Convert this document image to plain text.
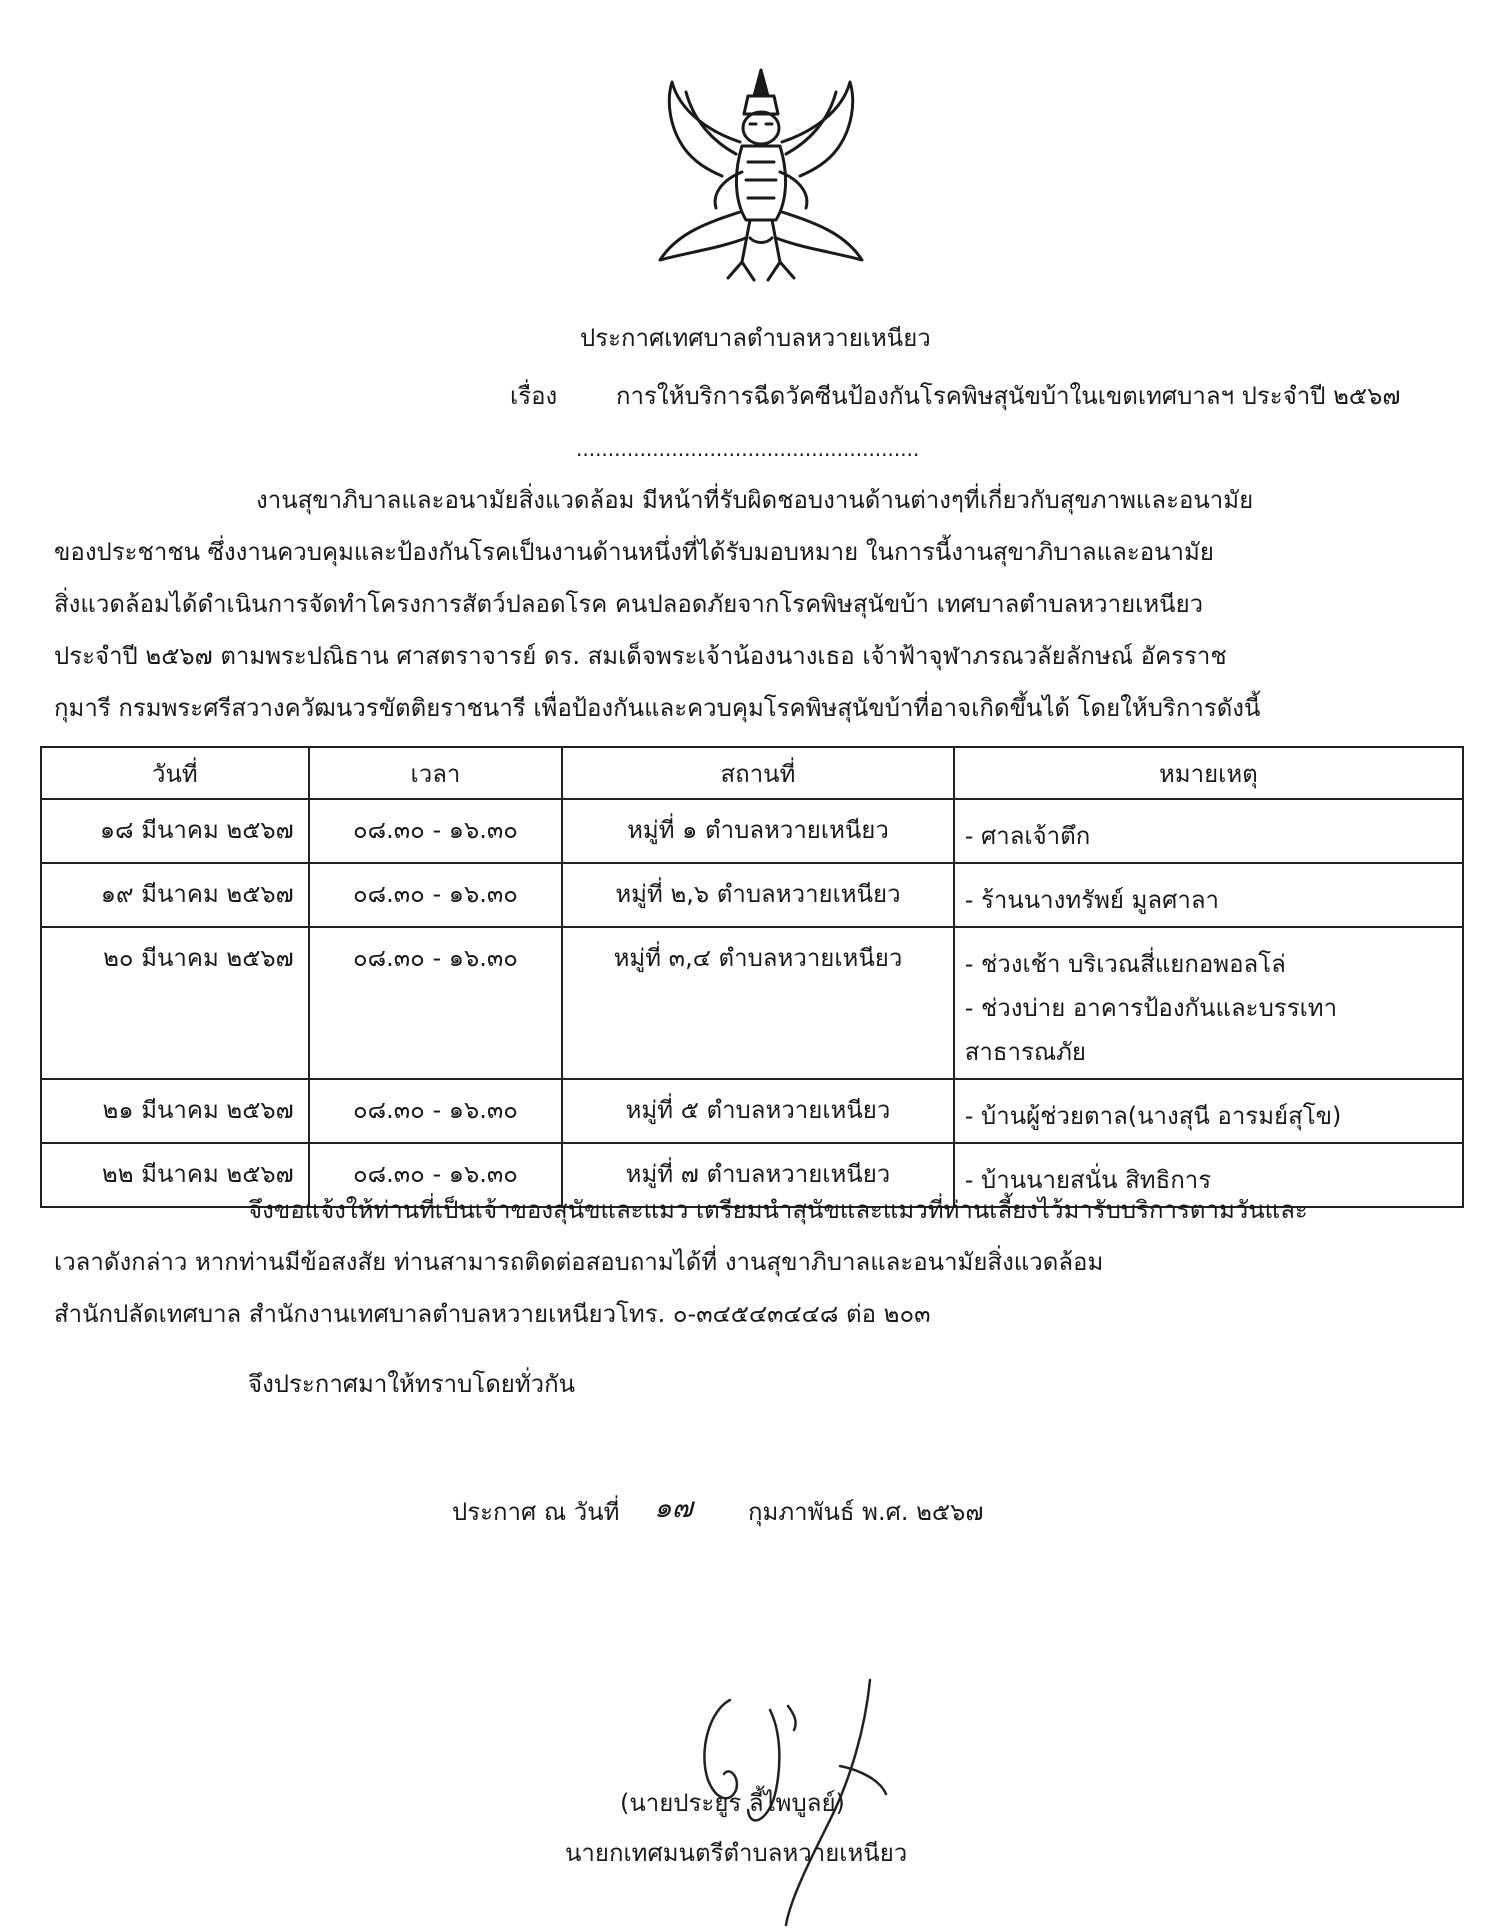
ประกาศเทศบาลตำบลหวายเหนียว
เรื่อง การให้บริการฉีดวัคซีนป้องกันโรคพิษสุนัขบ้าในเขตเทศบาลฯ ประจำปี ๒๕๖๗
......................................................
งานสุขาภิบาลและอนามัยสิ่งแวดล้อม มีหน้าที่รับผิดชอบงานด้านต่างๆที่เกี่ยวกับสุขภาพและอนามัย
ของประชาชน ซึ่งงานควบคุมและป้องกันโรคเป็นงานด้านหนึ่งที่ได้รับมอบหมาย ในการนี้งานสุขาภิบาลและอนามัย
สิ่งแวดล้อมได้ดำเนินการจัดทำโครงการสัตว์ปลอดโรค คนปลอดภัยจากโรคพิษสุนัขบ้า เทศบาลตำบลหวายเหนียว
ประจำปี ๒๕๖๗ ตามพระปณิธาน ศาสตราจารย์ ดร. สมเด็จพระเจ้าน้องนางเธอ เจ้าฟ้าจุฬาภรณวลัยลักษณ์ อัครราช
กุมารี กรมพระศรีสวางควัฒนวรขัตติยราชนารี เพื่อป้องกันและควบคุมโรคพิษสุนัขบ้าที่อาจเกิดขึ้นได้ โดยให้บริการดังนี้
วันที่	เวลา	สถานที่	หมายเหตุ
๑๘ มีนาคม ๒๕๖๗	๐๘.๓๐ - ๑๖.๓๐	หมู่ที่ ๑ ตำบลหวายเหนียว	- ศาลเจ้าตึก

๑๙ มีนาคม ๒๕๖๗	๐๘.๓๐ - ๑๖.๓๐	หมู่ที่ ๒,๖ ตำบลหวายเหนียว	- ร้านนางทรัพย์ มูลศาลา

๒๐ มีนาคม ๒๕๖๗	๐๘.๓๐ - ๑๖.๓๐	หมู่ที่ ๓,๔ ตำบลหวายเหนียว	- ช่วงเช้า บริเวณสี่แยกอพอลโล่
- ช่วงบ่าย อาคารป้องกันและบรรเทา
สาธารณภัย

๒๑ มีนาคม ๒๕๖๗	๐๘.๓๐ - ๑๖.๓๐	หมู่ที่ ๕ ตำบลหวายเหนียว	- บ้านผู้ช่วยตาล(นางสุนี อารมย์สุโข)

๒๒ มีนาคม ๒๕๖๗	๐๘.๓๐ - ๑๖.๓๐	หมู่ที่ ๗ ตำบลหวายเหนียว	- บ้านนายสนั่น สิทธิการ
จึงขอแจ้งให้ท่านที่เป็นเจ้าของสุนัขและแมว เตรียมนำสุนัขและแมวที่ท่านเลี้ยงไว้มารับบริการตามวันและ
เวลาดังกล่าว หากท่านมีข้อสงสัย ท่านสามารถติดต่อสอบถามได้ที่ งานสุขาภิบาลและอนามัยสิ่งแวดล้อม
สำนักปลัดเทศบาล สำนักงานเทศบาลตำบลหวายเหนียวโทร. ๐-๓๔๕๔๓๔๔๘ ต่อ ๒๐๓
จึงประกาศมาให้ทราบโดยทั่วกัน
ประกาศ ณ วันที่ ๑๗ กุมภาพันธ์ พ.ศ. ๒๕๖๗
(นายประยูร ลี้ไพบูลย์)
นายกเทศมนตรีตำบลหวายเหนียว
